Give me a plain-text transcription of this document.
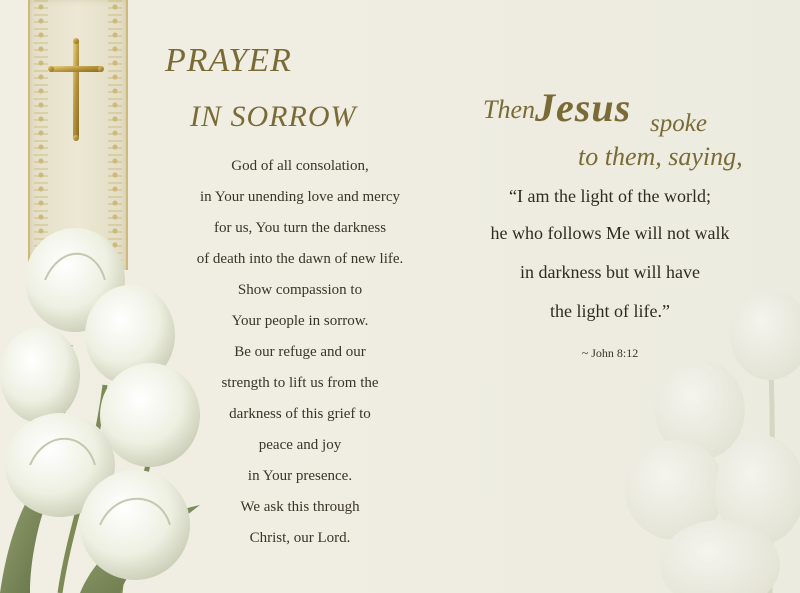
PRAYER
IN SORROW
God of all consolation,
in Your unending love and mercy
for us, You turn the darkness
of death into the dawn of new life.
Show compassion to
Your people in sorrow.
Be our refuge and our
strength to lift us from the
darkness of this grief to
peace and joy
in Your presence.
We ask this through
Christ, our Lord.
Then Jesus spoke
to them, saying,
“I am the light of the world;
he who follows Me will not walk
in darkness but will have
the light of life.”
~ John 8:12
